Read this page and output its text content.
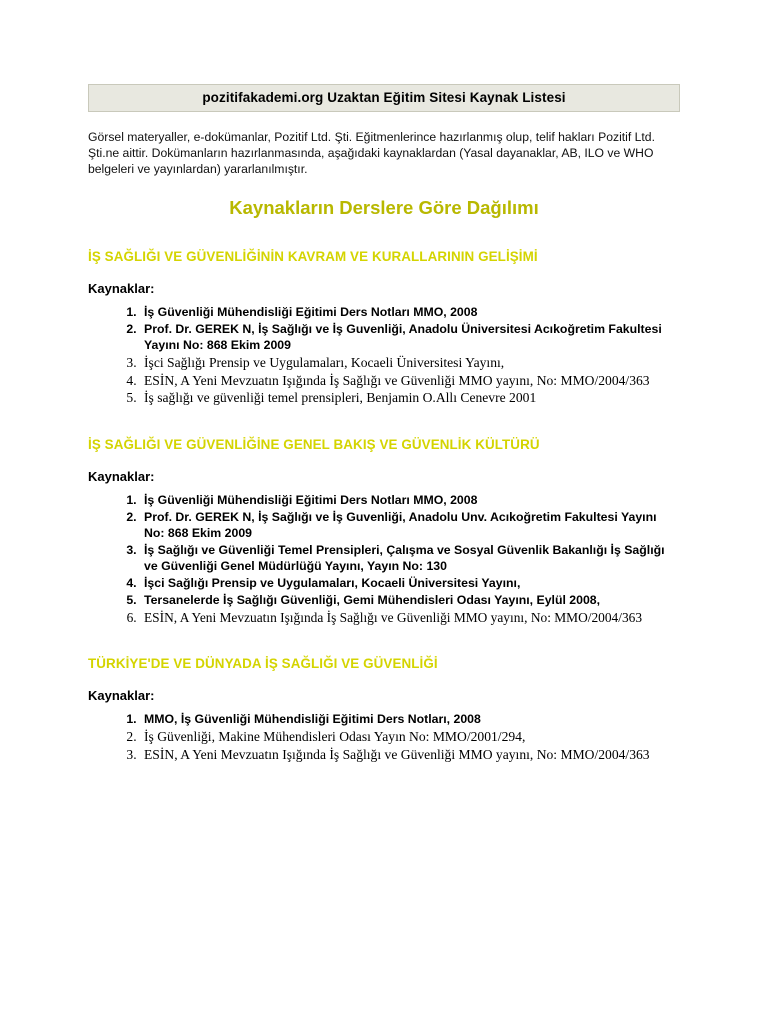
pozitifakademi.org Uzaktan Eğitim Sitesi Kaynak Listesi
Görsel materyaller, e-dokümanlar, Pozitif Ltd. Şti. Eğitmenlerince hazırlanmış olup, telif hakları Pozitif Ltd. Şti.ne aittir. Dokümanların hazırlanmasında, aşağıdaki kaynaklardan (Yasal dayanaklar, AB, ILO ve WHO belgeleri ve yayınlardan) yararlanılmıştır.
Kaynakların Derslere Göre Dağılımı
İŞ SAĞLIĞI VE GÜVENLİĞİNİN KAVRAM VE KURALLARININ GELİŞİMİ
Kaynaklar:
1. İş Güvenliği Mühendisliği Eğitimi Ders Notları MMO, 2008
2. Prof. Dr. GEREK N, İş Sağlığı ve İş Guvenliği, Anadolu Üniversitesi Acıkoğretim Fakultesi Yayını No: 868 Ekim 2009
3. İşci Sağlığı Prensip ve Uygulamaları, Kocaeli Üniversitesi Yayını,
4. ESİN, A Yeni Mevzuatın Işığında İş Sağlığı ve Güvenliği MMO yayını, No: MMO/2004/363
5. İş sağlığı ve güvenliği temel prensipleri, Benjamin O.Allı Cenevre 2001
İŞ SAĞLIĞI VE GÜVENLİĞİNE GENEL BAKIŞ VE GÜVENLİK KÜLTÜRÜ
Kaynaklar:
1. İş Güvenliği Mühendisliği Eğitimi Ders Notları MMO, 2008
2. Prof. Dr. GEREK N, İş Sağlığı ve İş Guvenliği, Anadolu Unv. Acıkoğretim Fakultesi Yayını No: 868 Ekim 2009
3. İş Sağlığı ve Güvenliği Temel Prensipleri, Çalışma ve Sosyal Güvenlik Bakanlığı İş Sağlığı ve Güvenliği Genel Müdürlüğü Yayını, Yayın No: 130
4. İşci Sağlığı Prensip ve Uygulamaları, Kocaeli Üniversitesi Yayını,
5. Tersanelerde İş Sağlığı Güvenliği, Gemi Mühendisleri Odası Yayını, Eylül 2008,
6. ESİN, A Yeni Mevzuatın Işığında İş Sağlığı ve Güvenliği MMO yayını, No: MMO/2004/363
TÜRKİYE'DE VE DÜNYADA İŞ SAĞLIĞI VE GÜVENLİĞİ
Kaynaklar:
1. MMO, İş Güvenliği Mühendisliği Eğitimi Ders Notları, 2008
2. İş Güvenliği, Makine Mühendisleri Odası Yayın No: MMO/2001/294,
3. ESİN, A Yeni Mevzuatın Işığında İş Sağlığı ve Güvenliği MMO yayını, No: MMO/2004/363
